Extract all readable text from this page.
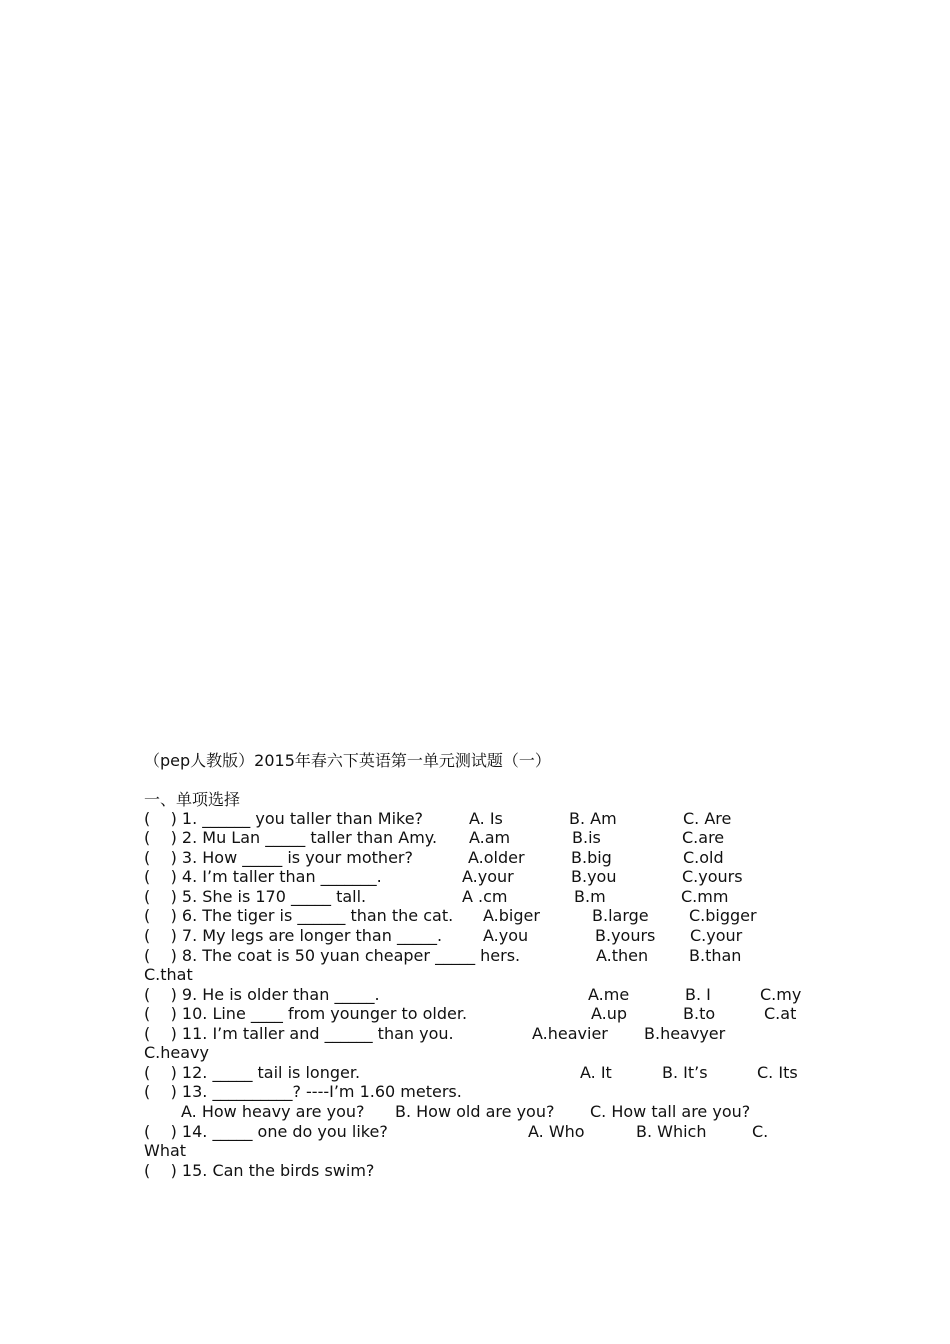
（pep人教版）2015年春六下英语第一单元测试题（一）
一、单项选择

(    ) 1. ______ you taller than Mike?

	A. Is

	B. Am

	C. Are

(    ) 2. Mu Lan _____ taller than Amy.

A.am

	B.is

	C.are

(    ) 3. How _____ is your mother?

	A.older

	B.big

	C.old

(    ) 4. I’m taller than _______.

	A.your

	B.you

	C.yours

(    ) 5. She is 170 _____ tall.

	A .cm

	B.m

	C.mm

(    ) 6. The tiger is ______ than the cat.

A.biger

	B.large

	C.bigger

(    ) 7. My legs are longer than _____.

	A.you

	B.yours

C.your

(    ) 8. The coat is 50 yuan cheaper _____ hers.

	A.then

	B.than

C.that

(    ) 9. He is older than _____.

	A.me

	B. I

	C.my

(    ) 10. Line ____ from younger to older.

	A.up

	B.to

	C.at

(    ) 11. I’m taller and ______ than you.

	A.heavier

B.heavyer

C.heavy

(    ) 12. _____ tail is longer.

	A. It

	B. It’s

	C. Its

(    ) 13. __________? ----I’m 1.60 meters.

A. How heavy are you?

B. How old are you?

C. How tall are you?

(    ) 14. _____ one do you like?

	A. Who

	B. Which

	C.

What

(    ) 15. Can the birds swim?
